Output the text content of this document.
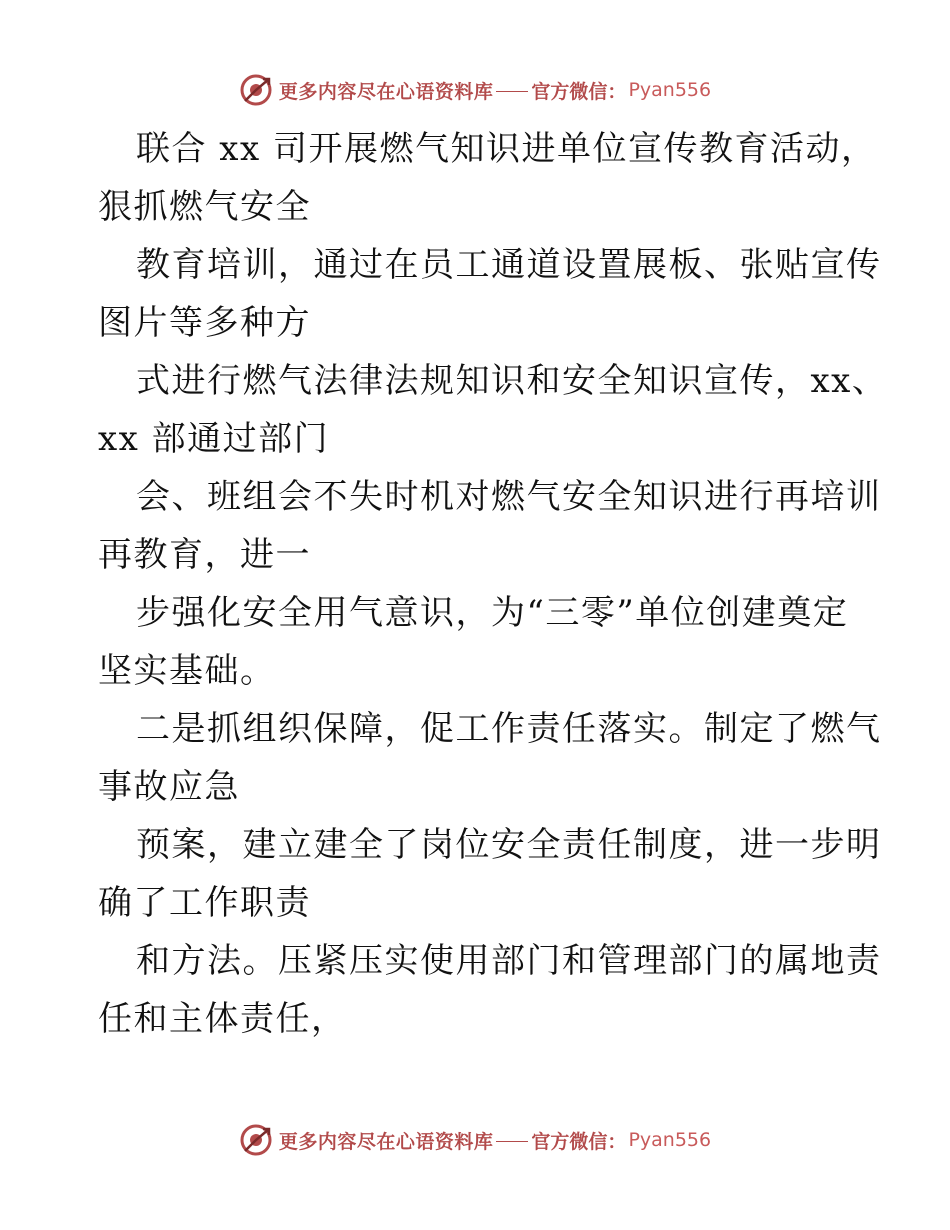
更多内容尽在心语资料库 官方微信： Pyan556
联合 xx 司开展燃气知识进单位宣传教育活动，
狠抓燃气安全
教育培训，通过在员工通道设置展板、张贴宣传
图片等多种方
式进行燃气法律法规知识和安全知识宣传，xx、
xx 部通过部门
会、班组会不失时机对燃气安全知识进行再培训
再教育，进一
步强化安全用气意识，为“三零”单位创建奠定
坚实基础。
二是抓组织保障，促工作责任落实。制定了燃气
事故应急
预案，建立建全了岗位安全责任制度，进一步明
确了工作职责
和方法。压紧压实使用部门和管理部门的属地责
任和主体责任，
更多内容尽在心语资料库 官方微信： Pyan556
